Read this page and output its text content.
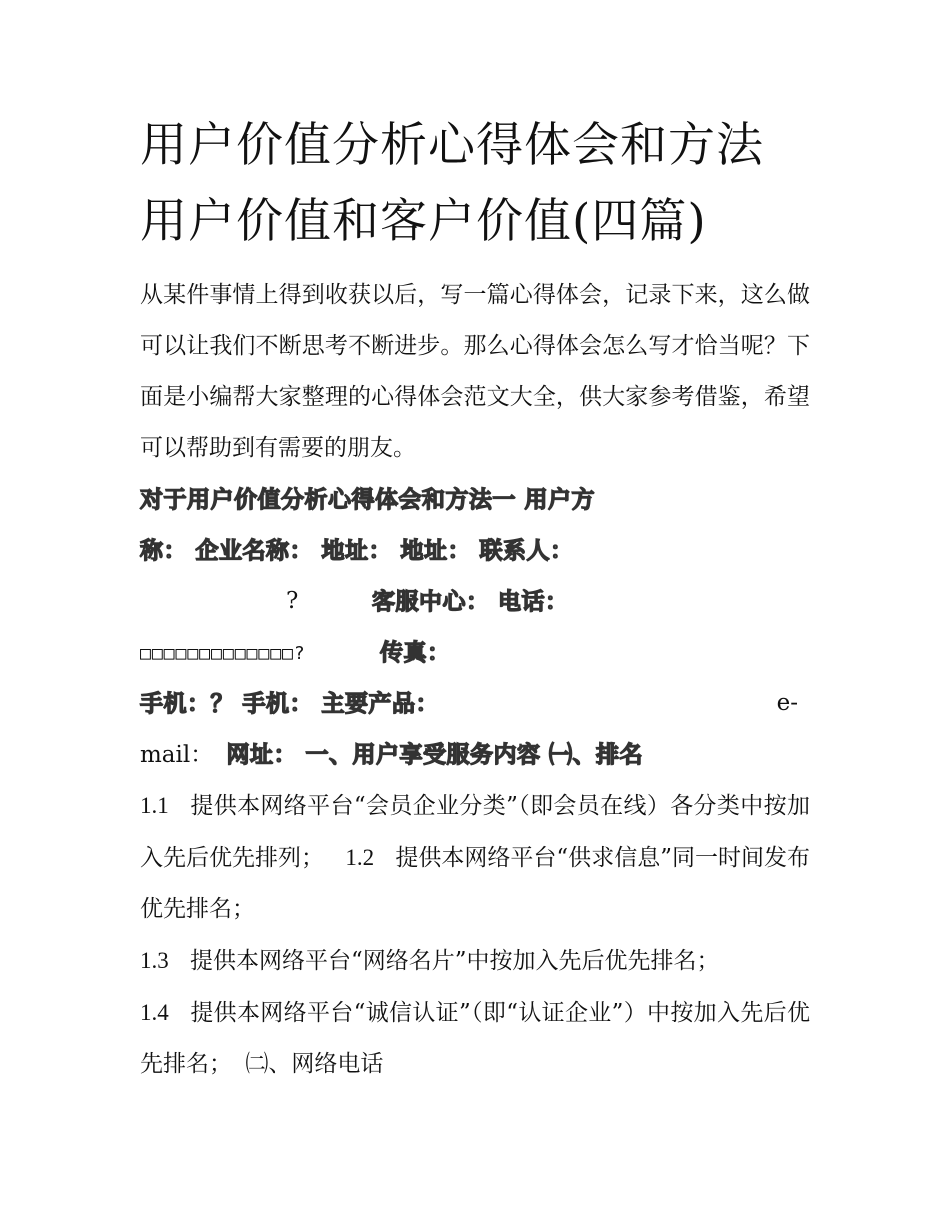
用户价值分析心得体会和方法
用户价值和客户价值(四篇)

从某件事情上得到收获以后，写一篇心得体会，记录下来，这么做可以让我们不断思考不断进步。那么心得体会怎么写才恰当呢？下面是小编帮大家整理的心得体会范文大全，供大家参考借鉴，希望可以帮助到有需要的朋友。

对于用户价值分析心得体会和方法一 用户方
称： 企业名称： 地址： 地址： 联系人：
?	客服中心： 电话：
□□□□□□□□□□□□□?	传真：
手机：？ 手机： 主要产品：	e-
mail： 网址： 一、用户享受服务内容 ㈠、排名

1.1 提供本网络平台“会员企业分类”（即会员在线）各分类中按加入先后优先排列； 1.2 提供本网络平台“供求信息”同一时间发布优先排名；

1.3 提供本网络平台“网络名片”中按加入先后优先排名；

1.4 提供本网络平台“诚信认证”（即“认证企业”）中按加入先后优先排名； ㈡、网络电话
